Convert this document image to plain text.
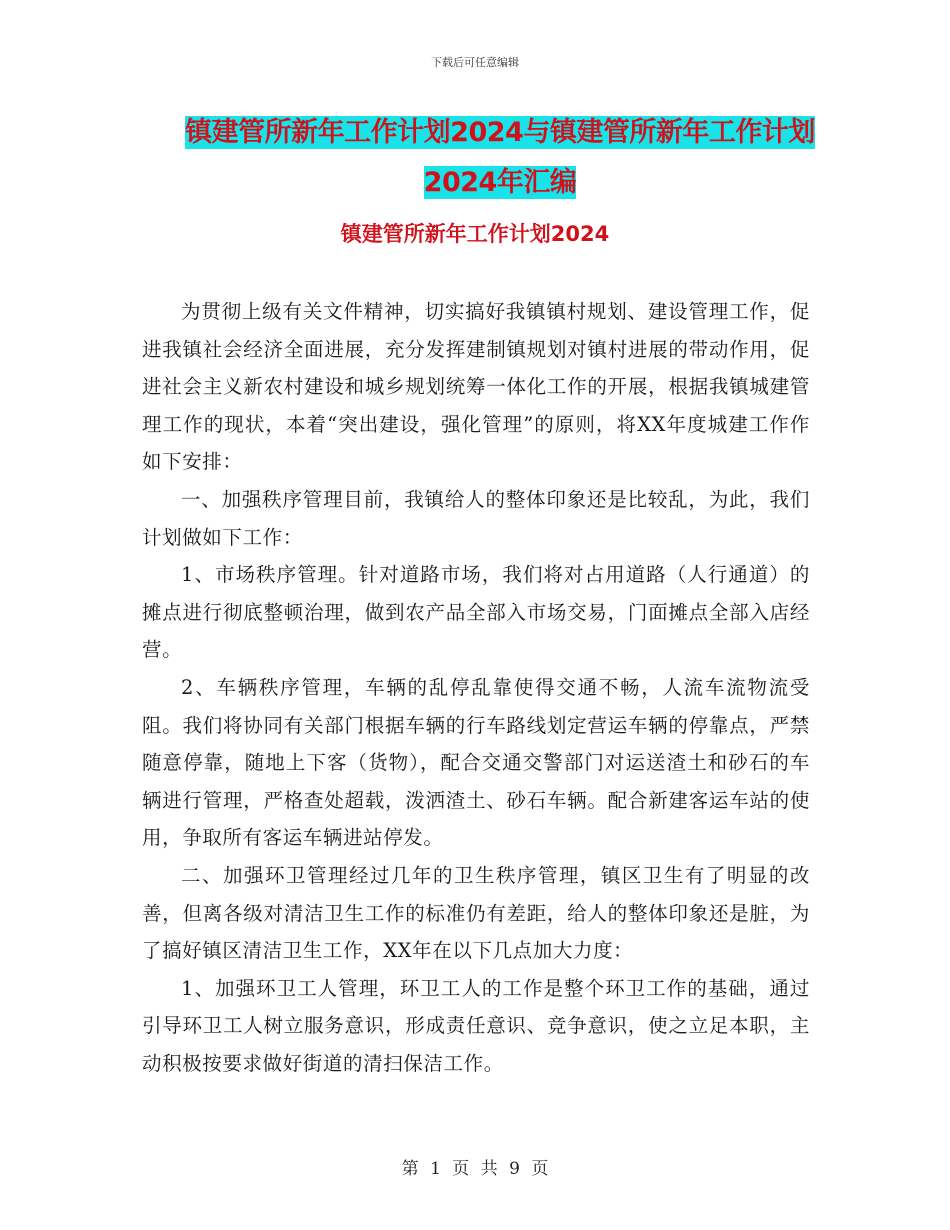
下载后可任意编辑
镇建管所新年工作计划2024与镇建管所新年工作计划
2024年汇编
镇建管所新年工作计划2024

为贯彻上级有关文件精神，切实搞好我镇镇村规划、建设管理工作，促进我镇社会经济全面进展，充分发挥建制镇规划对镇村进展的带动作用，促进社会主义新农村建设和城乡规划统筹一体化工作的开展，根据我镇城建管理工作的现状，本着“突出建设，强化管理”的原则，将XX年度城建工作作如下安排：

一、加强秩序管理目前，我镇给人的整体印象还是比较乱，为此，我们计划做如下工作：

1、市场秩序管理。针对道路市场，我们将对占用道路（人行通道）的摊点进行彻底整顿治理，做到农产品全部入市场交易，门面摊点全部入店经营。

2、车辆秩序管理，车辆的乱停乱靠使得交通不畅，人流车流物流受阻。我们将协同有关部门根据车辆的行车路线划定营运车辆的停靠点，严禁随意停靠，随地上下客（货物），配合交通交警部门对运送渣土和砂石的车辆进行管理，严格查处超载，泼洒渣土、砂石车辆。配合新建客运车站的使用，争取所有客运车辆进站停发。

二、加强环卫管理经过几年的卫生秩序管理，镇区卫生有了明显的改善，但离各级对清洁卫生工作的标准仍有差距，给人的整体印象还是脏，为了搞好镇区清洁卫生工作，XX年在以下几点加大力度：

1、加强环卫工人管理，环卫工人的工作是整个环卫工作的基础，通过引导环卫工人树立服务意识，形成责任意识、竞争意识，使之立足本职，主动积极按要求做好街道的清扫保洁工作。

第 1 页 共 9 页
